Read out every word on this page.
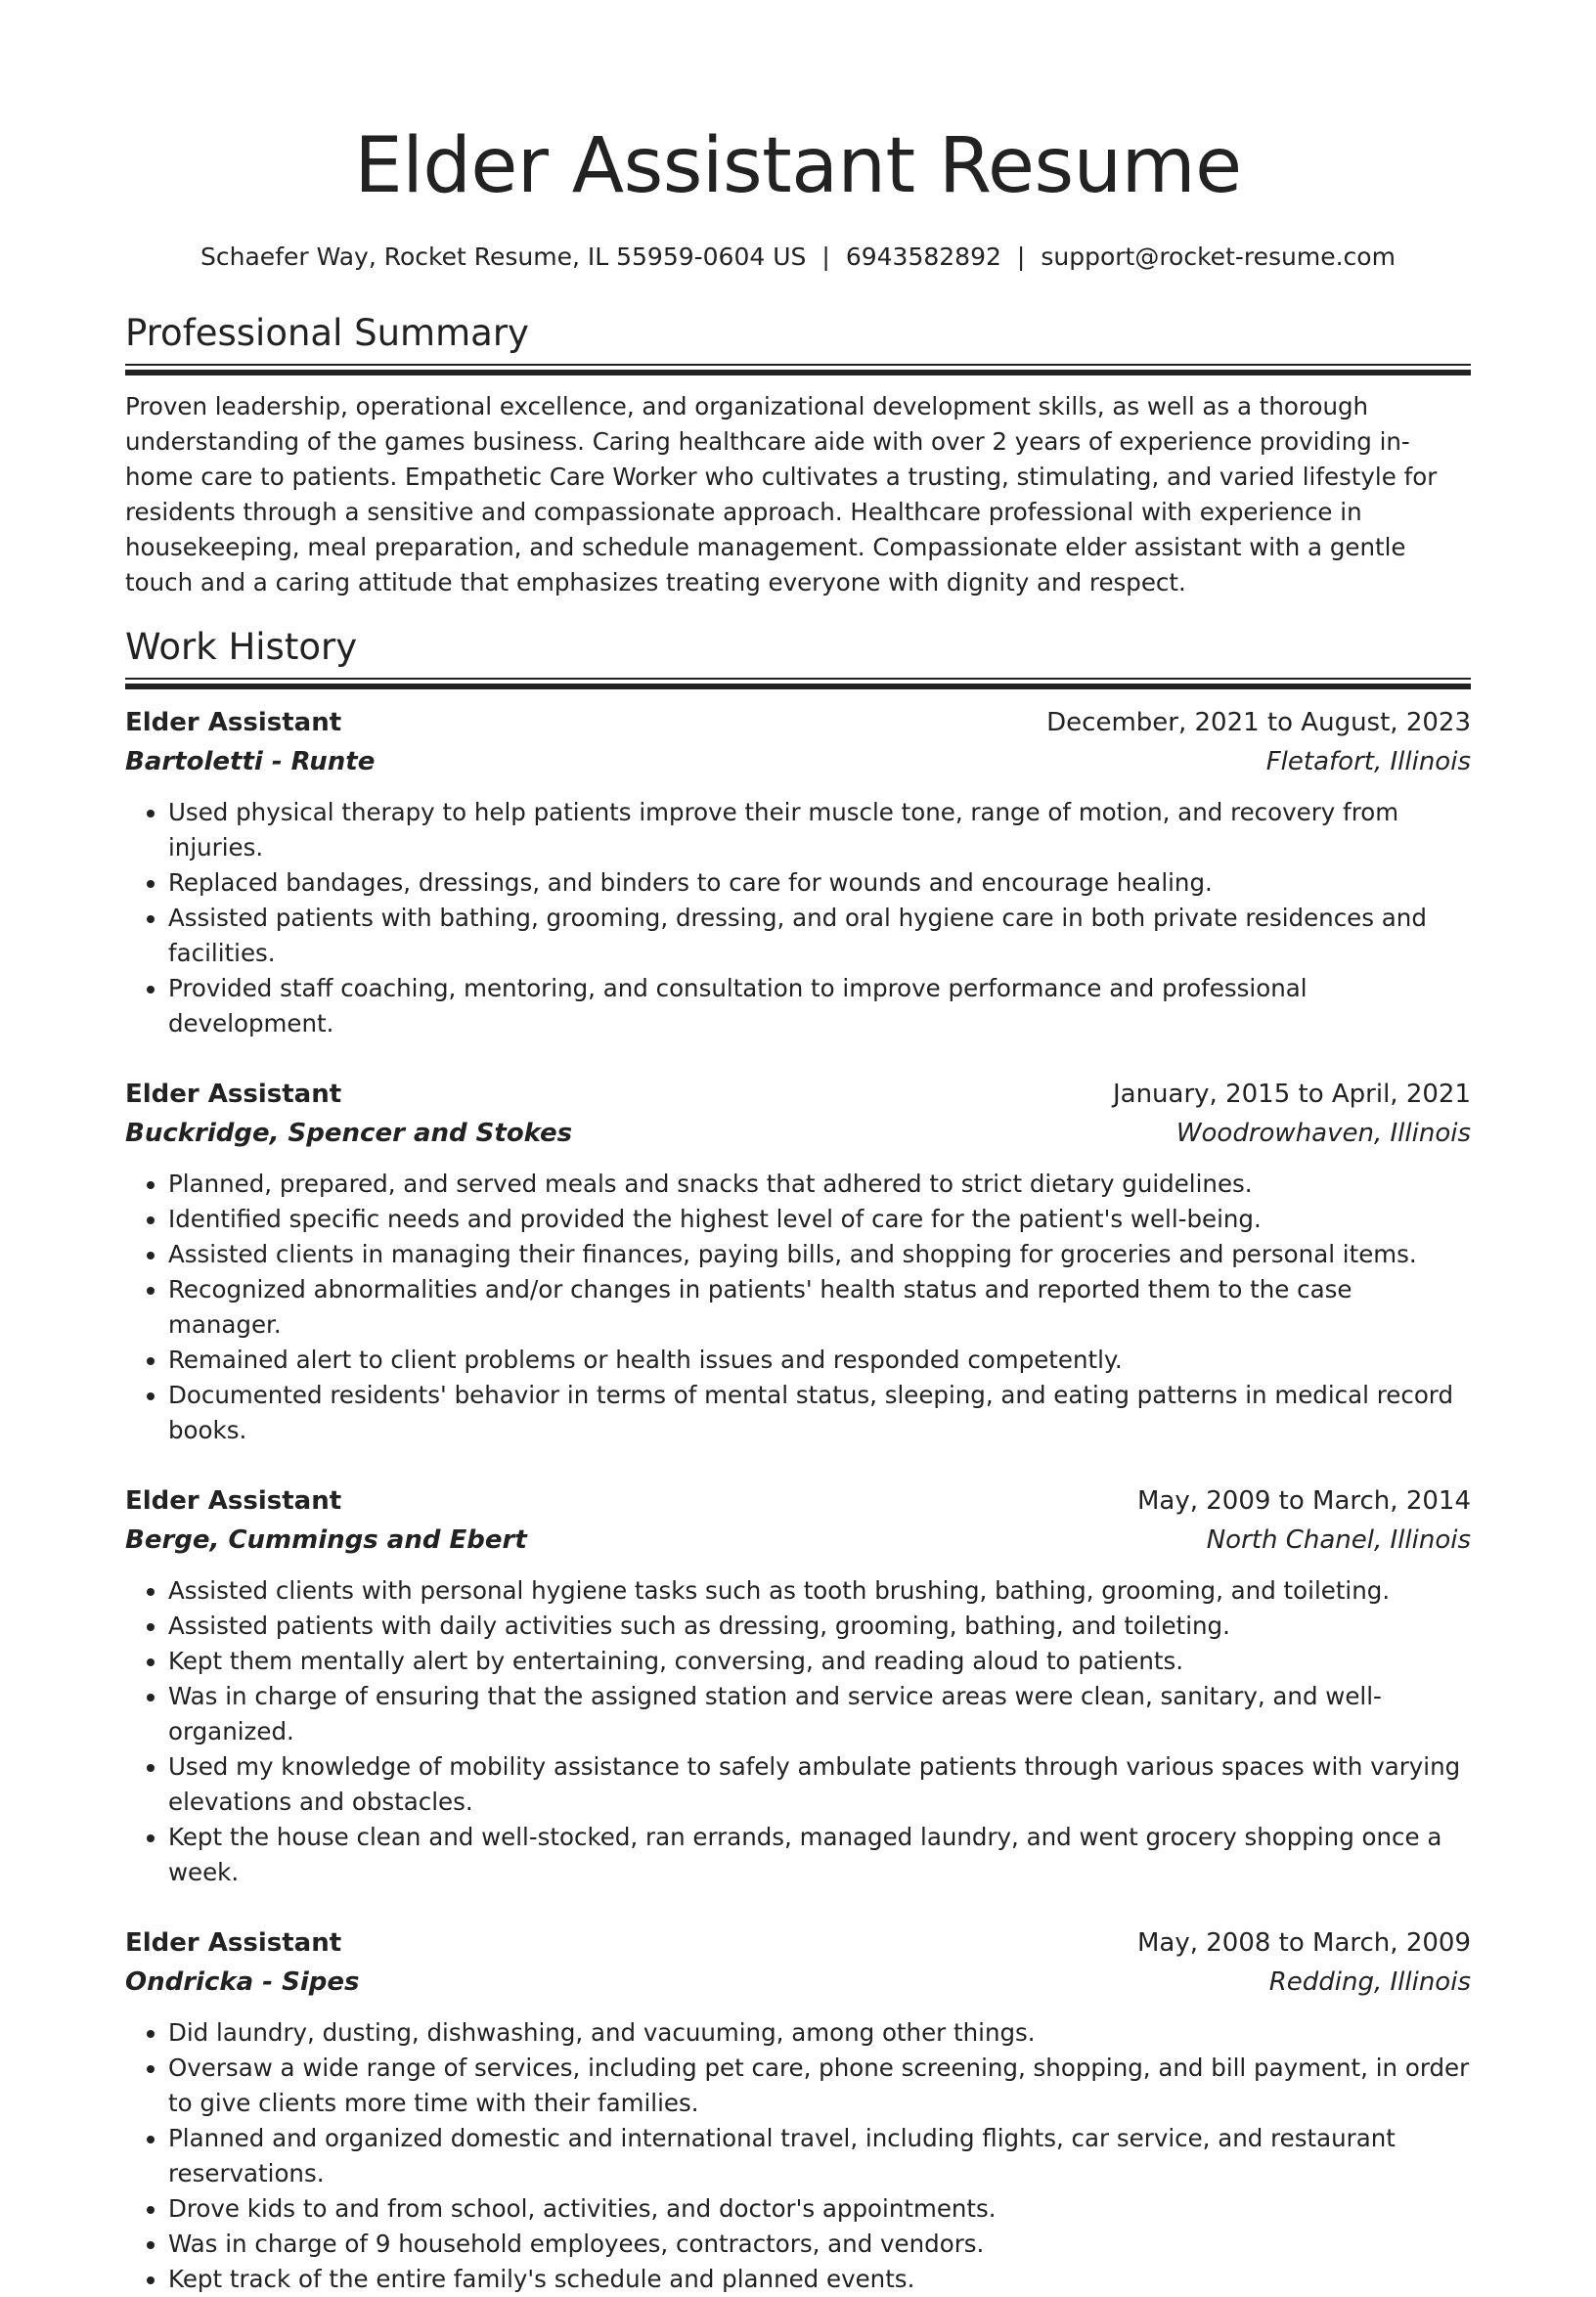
Elder Assistant Resume
Schaefer Way, Rocket Resume, IL 55959-0604 US | 6943582892 | support@rocket-resume.com
Professional Summary

Proven leadership, operational excellence, and organizational development skills, as well as a thorough understanding of the games business. Caring healthcare aide with over 2 years of experience providing in-home care to patients. Empathetic Care Worker who cultivates a trusting, stimulating, and varied lifestyle for residents through a sensitive and compassionate approach. Healthcare professional with experience in housekeeping, meal preparation, and schedule management. Compassionate elder assistant with a gentle touch and a caring attitude that emphasizes treating everyone with dignity and respect.

Work History
Elder Assistant	December, 2021 to August, 2023
Bartoletti - Runte	Fletafort, Illinois
• Used physical therapy to help patients improve their muscle tone, range of motion, and recovery from injuries.
• Replaced bandages, dressings, and binders to care for wounds and encourage healing.
• Assisted patients with bathing, grooming, dressing, and oral hygiene care in both private residences and facilities.
• Provided staff coaching, mentoring, and consultation to improve performance and professional development.
Elder Assistant	January, 2015 to April, 2021
Buckridge, Spencer and Stokes	Woodrowhaven, Illinois
• Planned, prepared, and served meals and snacks that adhered to strict dietary guidelines.
• Identified specific needs and provided the highest level of care for the patient's well-being.
• Assisted clients in managing their finances, paying bills, and shopping for groceries and personal items.
• Recognized abnormalities and/or changes in patients' health status and reported them to the case manager.
• Remained alert to client problems or health issues and responded competently.
• Documented residents' behavior in terms of mental status, sleeping, and eating patterns in medical record books.
Elder Assistant	May, 2009 to March, 2014
Berge, Cummings and Ebert	North Chanel, Illinois
• Assisted clients with personal hygiene tasks such as tooth brushing, bathing, grooming, and toileting.
• Assisted patients with daily activities such as dressing, grooming, bathing, and toileting.
• Kept them mentally alert by entertaining, conversing, and reading aloud to patients.
• Was in charge of ensuring that the assigned station and service areas were clean, sanitary, and well-organized.
• Used my knowledge of mobility assistance to safely ambulate patients through various spaces with varying elevations and obstacles.
• Kept the house clean and well-stocked, ran errands, managed laundry, and went grocery shopping once a week.
Elder Assistant	May, 2008 to March, 2009
Ondricka - Sipes	Redding, Illinois
• Did laundry, dusting, dishwashing, and vacuuming, among other things.
• Oversaw a wide range of services, including pet care, phone screening, shopping, and bill payment, in order to give clients more time with their families.
• Planned and organized domestic and international travel, including flights, car service, and restaurant reservations.
• Drove kids to and from school, activities, and doctor's appointments.
• Was in charge of 9 household employees, contractors, and vendors.
• Kept track of the entire family's schedule and planned events.
